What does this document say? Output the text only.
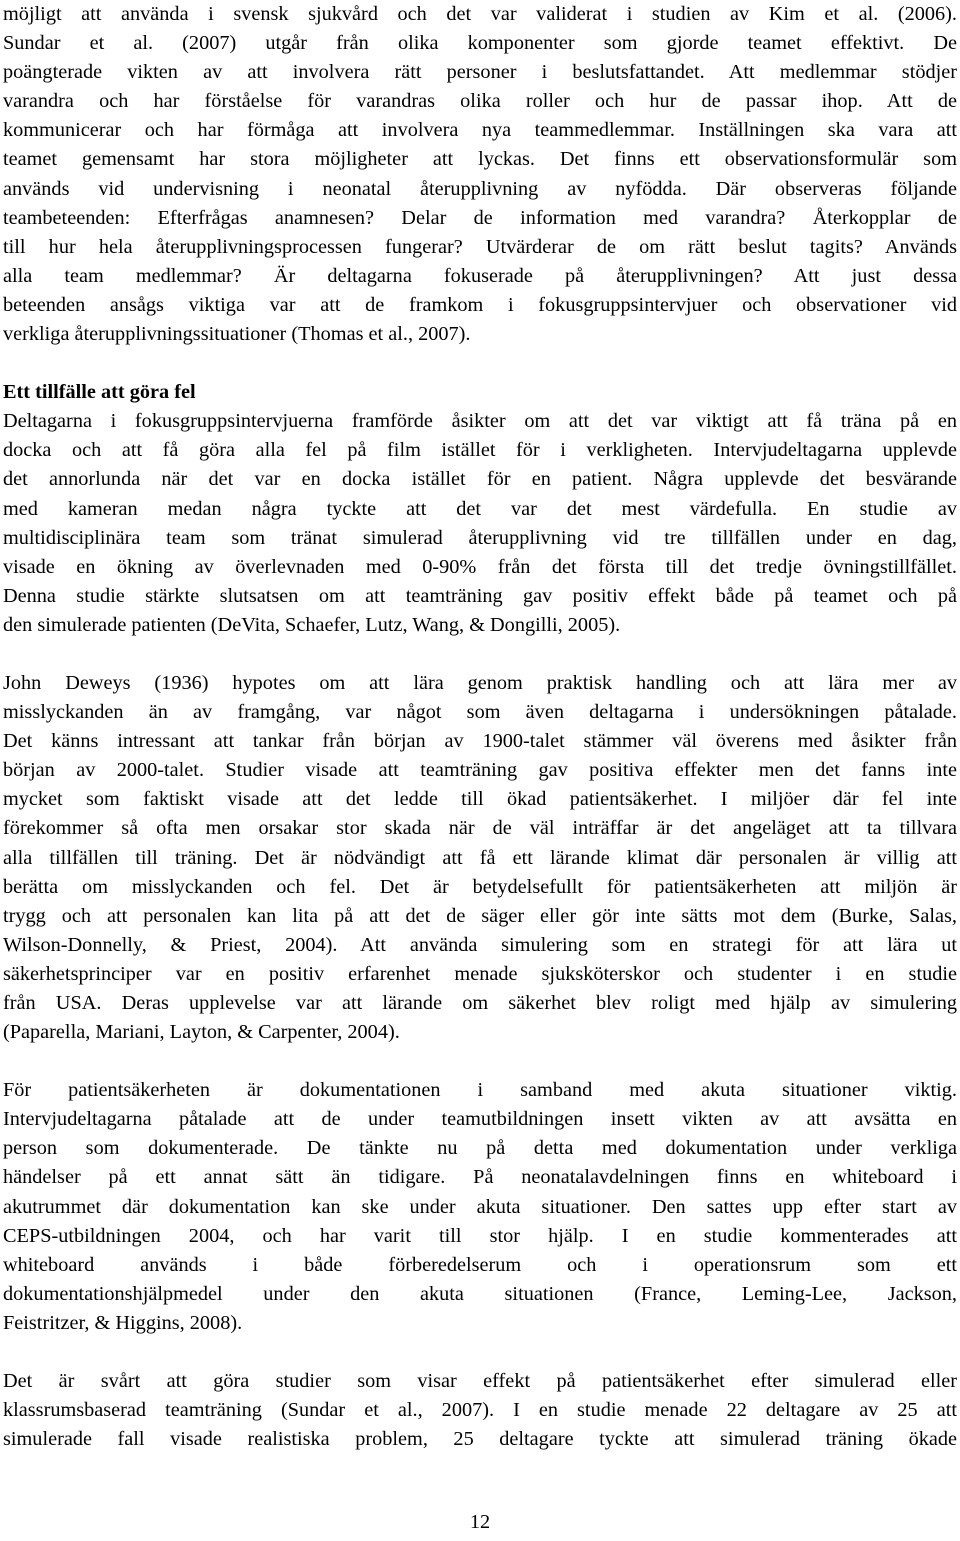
möjligt att använda i svensk sjukvård och det var validerat i studien av Kim et al. (2006).
Sundar et al. (2007) utgår från olika komponenter som gjorde teamet effektivt. De
poängterade vikten av att involvera rätt personer i beslutsfattandet. Att medlemmar stödjer
varandra och har förståelse för varandras olika roller och hur de passar ihop. Att de
kommunicerar och har förmåga att involvera nya teammedlemmar. Inställningen ska vara att
teamet gemensamt har stora möjligheter att lyckas. Det finns ett observationsformulär som
används vid undervisning i neonatal återupplivning av nyfödda. Där observeras följande
teambeteenden: Efterfrågas anamnesen? Delar de information med varandra? Återkopplar de
till hur hela återupplivningsprocessen fungerar? Utvärderar de om rätt beslut tagits? Används
alla team medlemmar? Är deltagarna fokuserade på återupplivningen? Att just dessa
beteenden ansågs viktiga var att de framkom i fokusgruppsintervjuer och observationer vid
verkliga återupplivningssituationer (Thomas et al., 2007).
Ett tillfälle att göra fel
Deltagarna i fokusgruppsintervjuerna framförde åsikter om att det var viktigt att få träna på en
docka och att få göra alla fel på film istället för i verkligheten. Intervjudeltagarna upplevde
det annorlunda när det var en docka istället för en patient. Några upplevde det besvärande
med kameran medan några tyckte att det var det mest värdefulla. En studie av
multidisciplinära team som tränat simulerad återupplivning vid tre tillfällen under en dag,
visade en ökning av överlevnaden med 0-90% från det första till det tredje övningstillfället.
Denna studie stärkte slutsatsen om att teamträning gav positiv effekt både på teamet och på
den simulerade patienten (DeVita, Schaefer, Lutz, Wang, & Dongilli, 2005).
John Deweys (1936) hypotes om att lära genom praktisk handling och att lära mer av
misslyckanden än av framgång, var något som även deltagarna i undersökningen påtalade.
Det känns intressant att tankar från början av 1900-talet stämmer väl överens med åsikter från
början av 2000-talet. Studier visade att teamträning gav positiva effekter men det fanns inte
mycket som faktiskt visade att det ledde till ökad patientsäkerhet. I miljöer där fel inte
förekommer så ofta men orsakar stor skada när de väl inträffar är det angeläget att ta tillvara
alla tillfällen till träning. Det är nödvändigt att få ett lärande klimat där personalen är villig att
berätta om misslyckanden och fel. Det är betydelsefullt för patientsäkerheten att miljön är
trygg och att personalen kan lita på att det de säger eller gör inte sätts mot dem (Burke, Salas,
Wilson-Donnelly, & Priest, 2004). Att använda simulering som en strategi för att lära ut
säkerhetsprinciper var en positiv erfarenhet menade sjuksköterskor och studenter i en studie
från USA. Deras upplevelse var att lärande om säkerhet blev roligt med hjälp av simulering
(Paparella, Mariani, Layton, & Carpenter, 2004).
För patientsäkerheten är dokumentationen i samband med akuta situationer viktig.
Intervjudeltagarna påtalade att de under teamutbildningen insett vikten av att avsätta en
person som dokumenterade. De tänkte nu på detta med dokumentation under verkliga
händelser på ett annat sätt än tidigare. På neonatalavdelningen finns en whiteboard i
akutrummet där dokumentation kan ske under akuta situationer. Den sattes upp efter start av
CEPS-utbildningen 2004, och har varit till stor hjälp. I en studie kommenterades att
whiteboard används i både förberedelserum och i operationsrum som ett
dokumentationshjälpmedel under den akuta situationen (France, Leming-Lee, Jackson,
Feistritzer, & Higgins, 2008).
Det är svårt att göra studier som visar effekt på patientsäkerhet efter simulerad eller
klassrumsbaserad teamträning (Sundar et al., 2007). I en studie menade 22 deltagare av 25 att
simulerade fall visade realistiska problem, 25 deltagare tyckte att simulerad träning ökade
12
